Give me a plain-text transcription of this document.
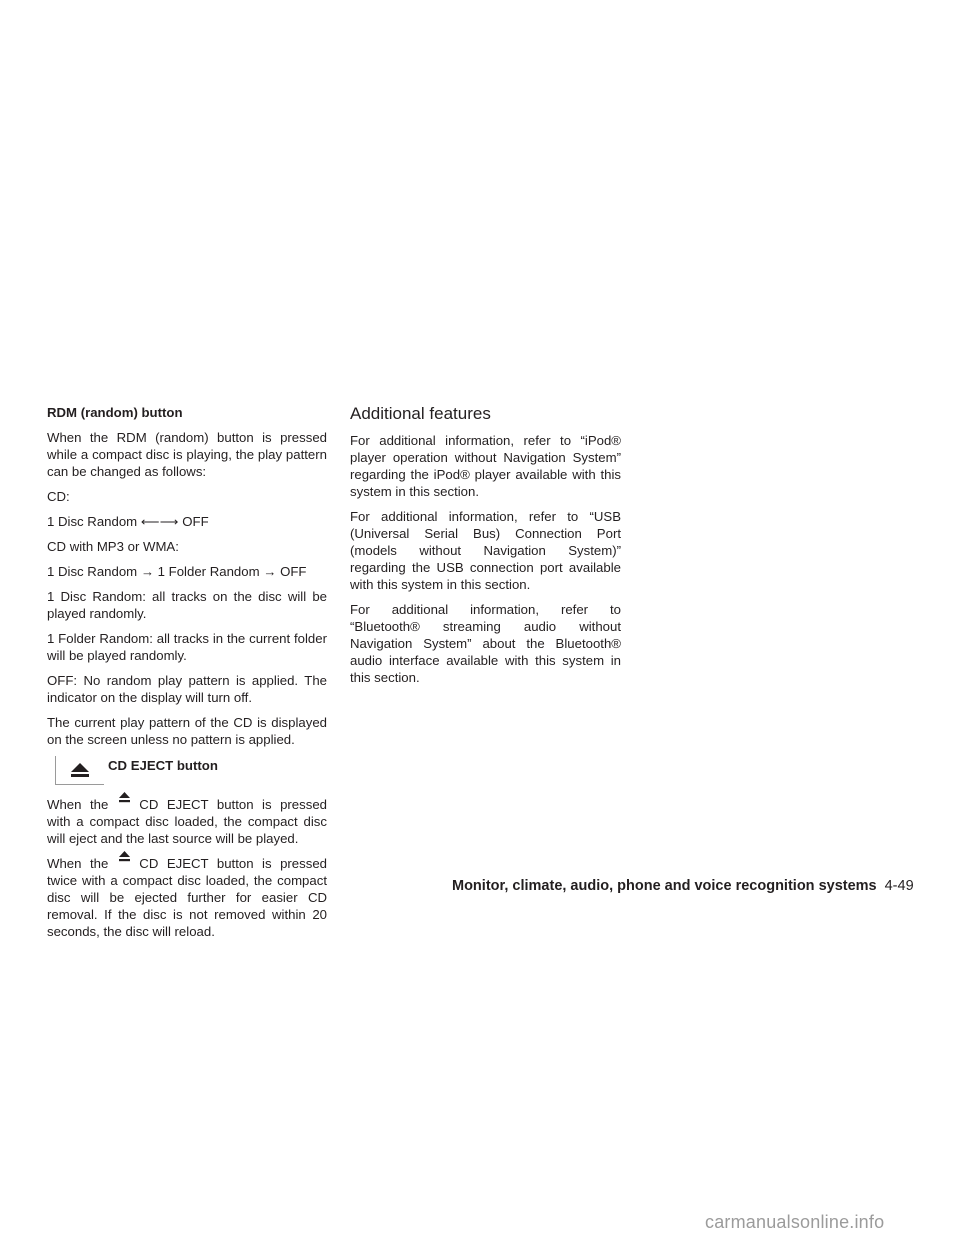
RDM (random) button

When the RDM (random) button is pressed while a compact disc is playing, the play pattern can be changed as follows:

CD:

1 Disc Random ⟵⟶ OFF

CD with MP3 or WMA:

1 Disc Random → 1 Folder Random → OFF

1 Disc Random: all tracks on the disc will be played randomly.

1 Folder Random: all tracks in the current folder will be played randomly.

OFF: No random play pattern is applied. The indicator on the display will turn off.

The current play pattern of the CD is displayed on the screen unless no pattern is applied.

CD EJECT button

When the CD EJECT button is pressed with a compact disc loaded, the compact disc will eject and the last source will be played.

When the CD EJECT button is pressed twice with a compact disc loaded, the compact disc will be ejected further for easier CD removal. If the disc is not removed within 20 seconds, the disc will reload.

Additional features

For additional information, refer to “iPod® player operation without Navigation System” regarding the iPod® player available with this system in this section.

For additional information, refer to “USB (Universal Serial Bus) Connection Port (models without Navigation System)” regarding the USB connection port available with this system in this section.

For additional information, refer to “Bluetooth® streaming audio without Navigation System” about the Bluetooth® audio interface available with this system in this section.

Monitor, climate, audio, phone and voice recognition systems 4-49
carmanualsonline.info
